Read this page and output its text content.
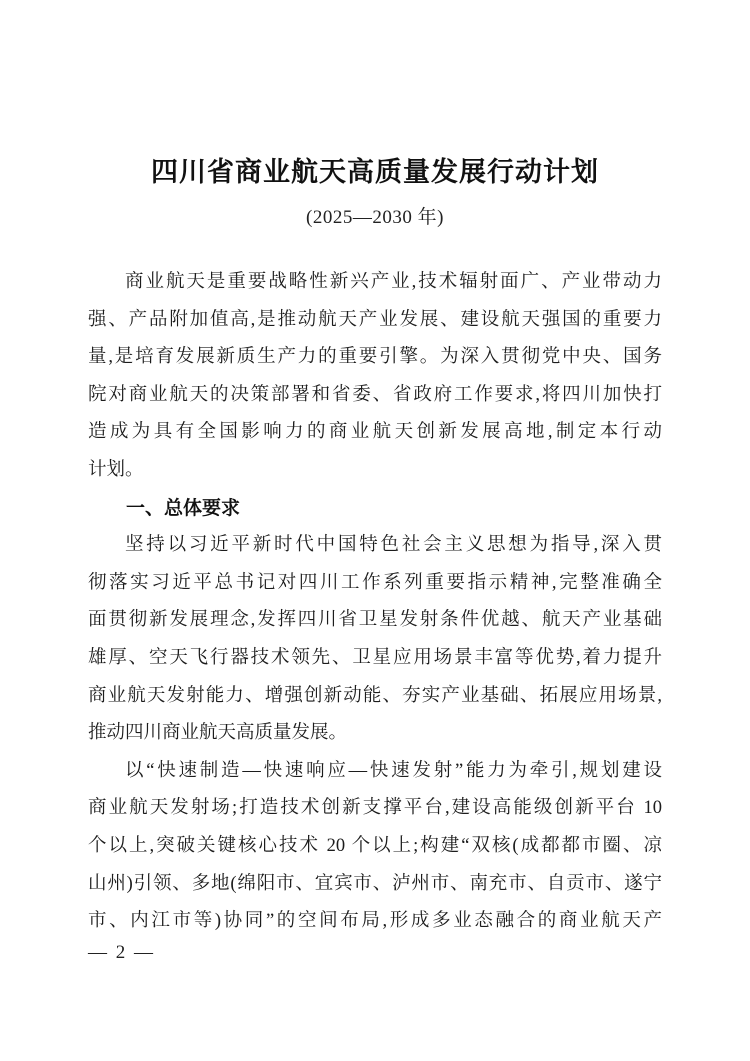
四川省商业航天高质量发展行动计划
(2025—2030 年)
商业航天是重要战略性新兴产业,技术辐射面广、产业带动力
强、产品附加值高,是推动航天产业发展、建设航天强国的重要力
量,是培育发展新质生产力的重要引擎。为深入贯彻党中央、国务
院对商业航天的决策部署和省委、省政府工作要求,将四川加快打
造成为具有全国影响力的商业航天创新发展高地,制定本行动
计划。
一、总体要求
坚持以习近平新时代中国特色社会主义思想为指导,深入贯
彻落实习近平总书记对四川工作系列重要指示精神,完整准确全
面贯彻新发展理念,发挥四川省卫星发射条件优越、航天产业基础
雄厚、空天飞行器技术领先、卫星应用场景丰富等优势,着力提升
商业航天发射能力、增强创新动能、夯实产业基础、拓展应用场景,
推动四川商业航天高质量发展。
以“快速制造—快速响应—快速发射”能力为牵引,规划建设
商业航天发射场;打造技术创新支撑平台,建设高能级创新平台 10
个以上,突破关键核心技术 20 个以上;构建“双核(成都都市圈、凉
山州)引领、多地(绵阳市、宜宾市、泸州市、南充市、自贡市、遂宁
市、内江市等)协同”的空间布局,形成多业态融合的商业航天产
— 2 —
